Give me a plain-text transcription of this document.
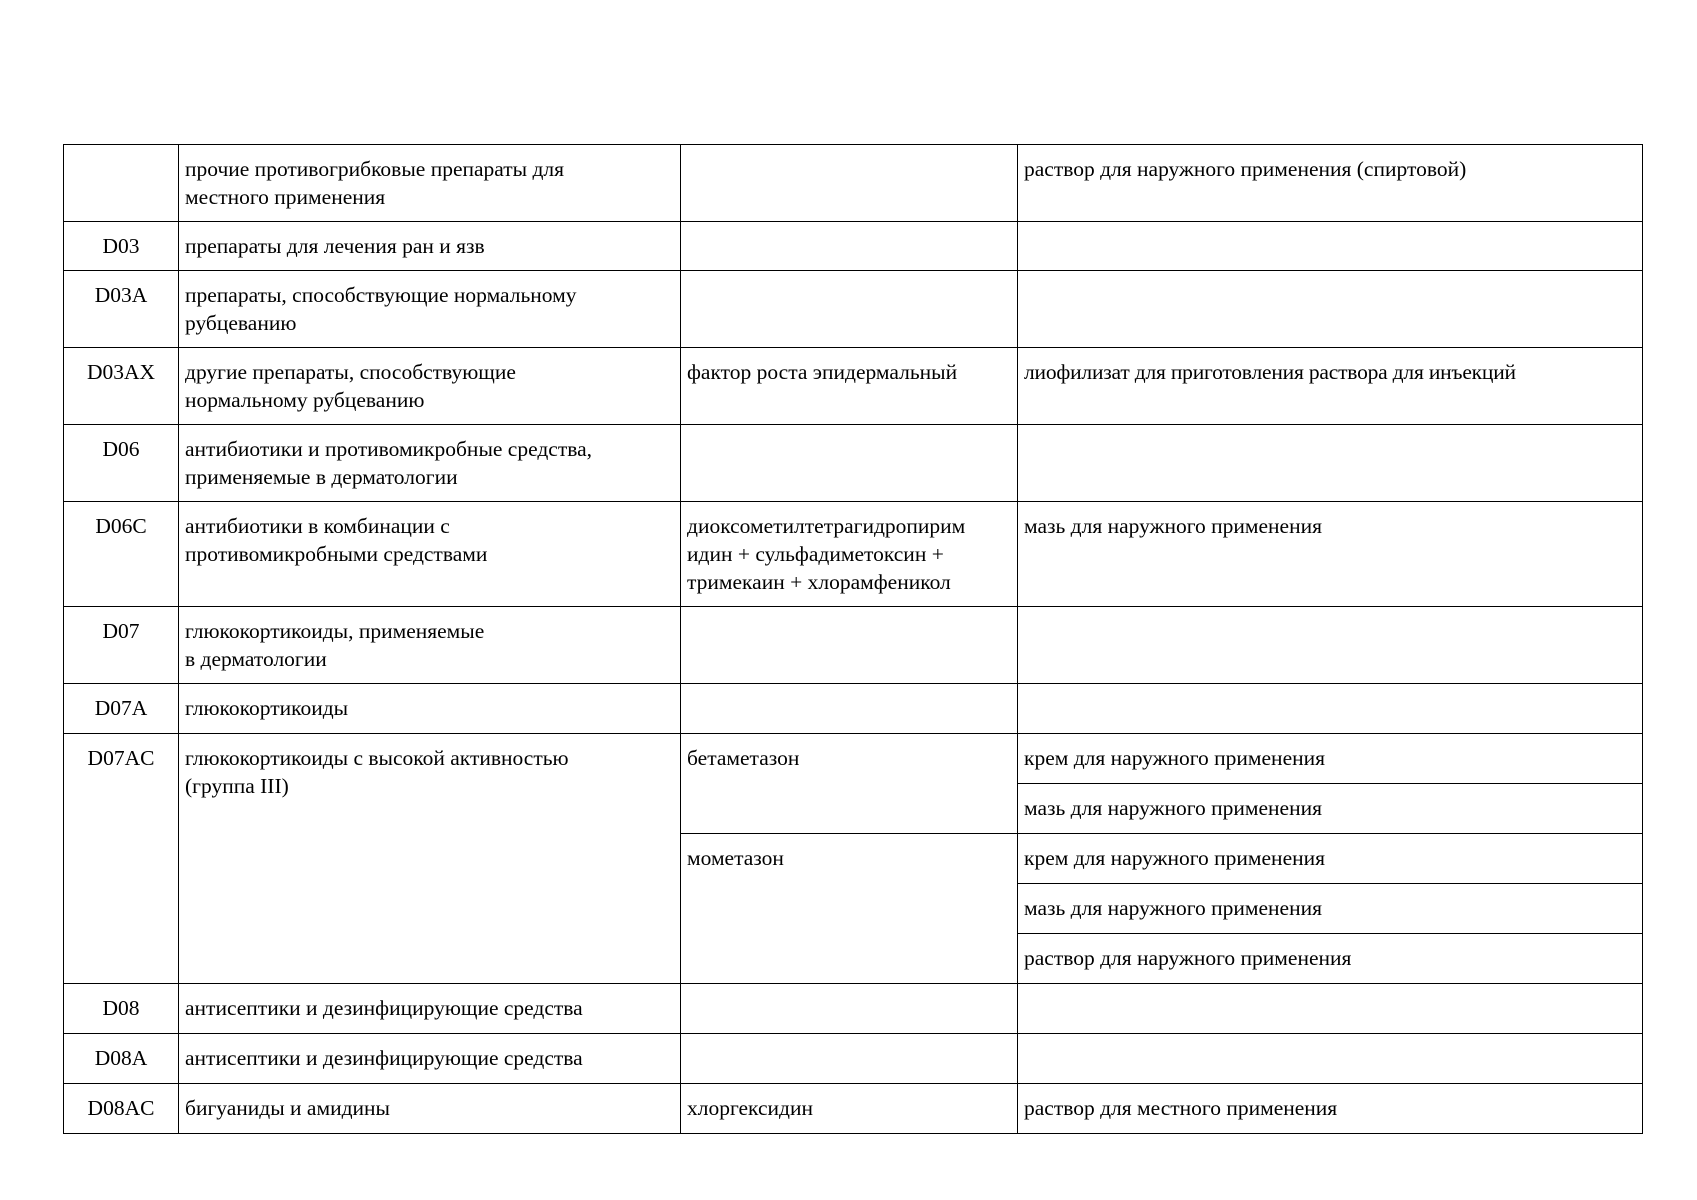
	прочие противогрибковые препараты для
местного применения		раствор для наружного применения (спиртовой)
D03	препараты для лечения ран и язв		
D03A	препараты, способствующие нормальному
рубцеванию		
D03AX	другие препараты, способствующие
нормальному рубцеванию	фактор роста эпидермальный	лиофилизат для приготовления раствора для инъекций
D06	антибиотики и противомикробные средства,
применяемые в дерматологии		
D06C	антибиотики в комбинации с
противомикробными средствами	диоксометилтетрагидропирим
идин + сульфадиметоксин +
тримекаин + хлорамфеникол	мазь для наружного применения
D07	глюкокортикоиды, применяемые
в дерматологии		
D07A	глюкокортикоиды		
D07AC	глюкокортикоиды с высокой активностью
(группа III)	бетаметазон	крем для наружного применения
			мазь для наружного применения
		мометазон	крем для наружного применения
			мазь для наружного применения
			раствор для наружного применения
D08	антисептики и дезинфицирующие средства		
D08A	антисептики и дезинфицирующие средства		
D08AC	бигуаниды и амидины	хлоргексидин	раствор для местного применения
